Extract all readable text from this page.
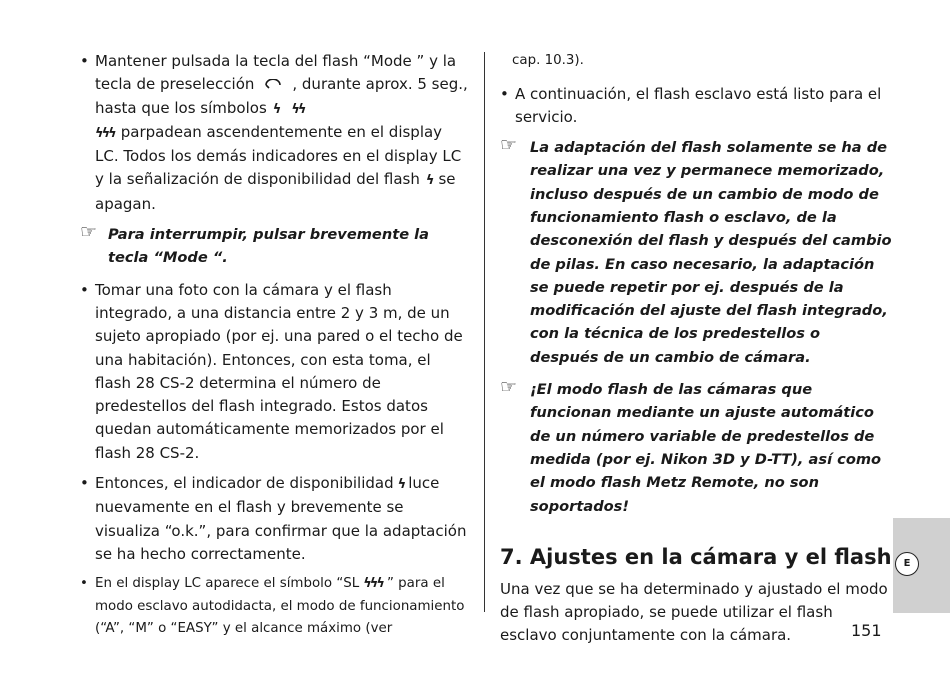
• Mantener pulsada la tecla del flash “Mode ” y la tecla de preselección	, durante aprox. 5 seg., hasta que los símbolos ϟ ϟϟ
ϟϟϟ parpadean ascendentemente en el display LC. Todos los demás indicadores en el display LC y la señalización de disponibilidad del flash ϟ se apagan.

☞ Para interrumpir, pulsar brevemente la tecla “Mode “.

• Tomar una foto con la cámara y el flash integrado, a una distancia entre 2 y 3 m, de un sujeto apropiado (por ej. una pared o el techo de una habitación). Entonces, con esta toma, el flash 28 CS-2 determina el número de predestellos del flash integrado. Estos datos quedan automáticamente memorizados por el flash 28 CS-2.

• Entonces, el indicador de disponibilidad ϟ luce nuevamente en el flash y brevemente se visualiza “o.k.”, para confirmar que la adaptación se ha hecho correctamente.

• En el display LC aparece el símbolo “SL ϟϟϟ ” para el modo esclavo autodidacta, el modo de funcionamiento (“A”, “M” o “EASY” y el alcance máximo (ver

cap. 10.3).

• A continuación, el flash esclavo está listo para el servicio.

☞ La adaptación del flash solamente se ha de realizar una vez y permanece memorizado, incluso después de un cambio de modo de funcionamiento flash o esclavo, de la desconexión del flash y después del cambio de pilas. En caso necesario, la adaptación se puede repetir por ej. después de la modificación del ajuste del flash integrado, con la técnica de los predestellos o después de un cambio de cámara.

☞ ¡El modo flash de las cámaras que funcionan mediante un ajuste automático de un número variable de predestellos de medida (por ej. Nikon 3D y D-TT), así como el modo flash Metz Remote, no son soportados!

7. Ajustes en la cámara y el flash

Una vez que se ha determinado y ajustado el modo de flash apropiado, se puede utilizar el flash esclavo conjuntamente con la cámara.

E
151
